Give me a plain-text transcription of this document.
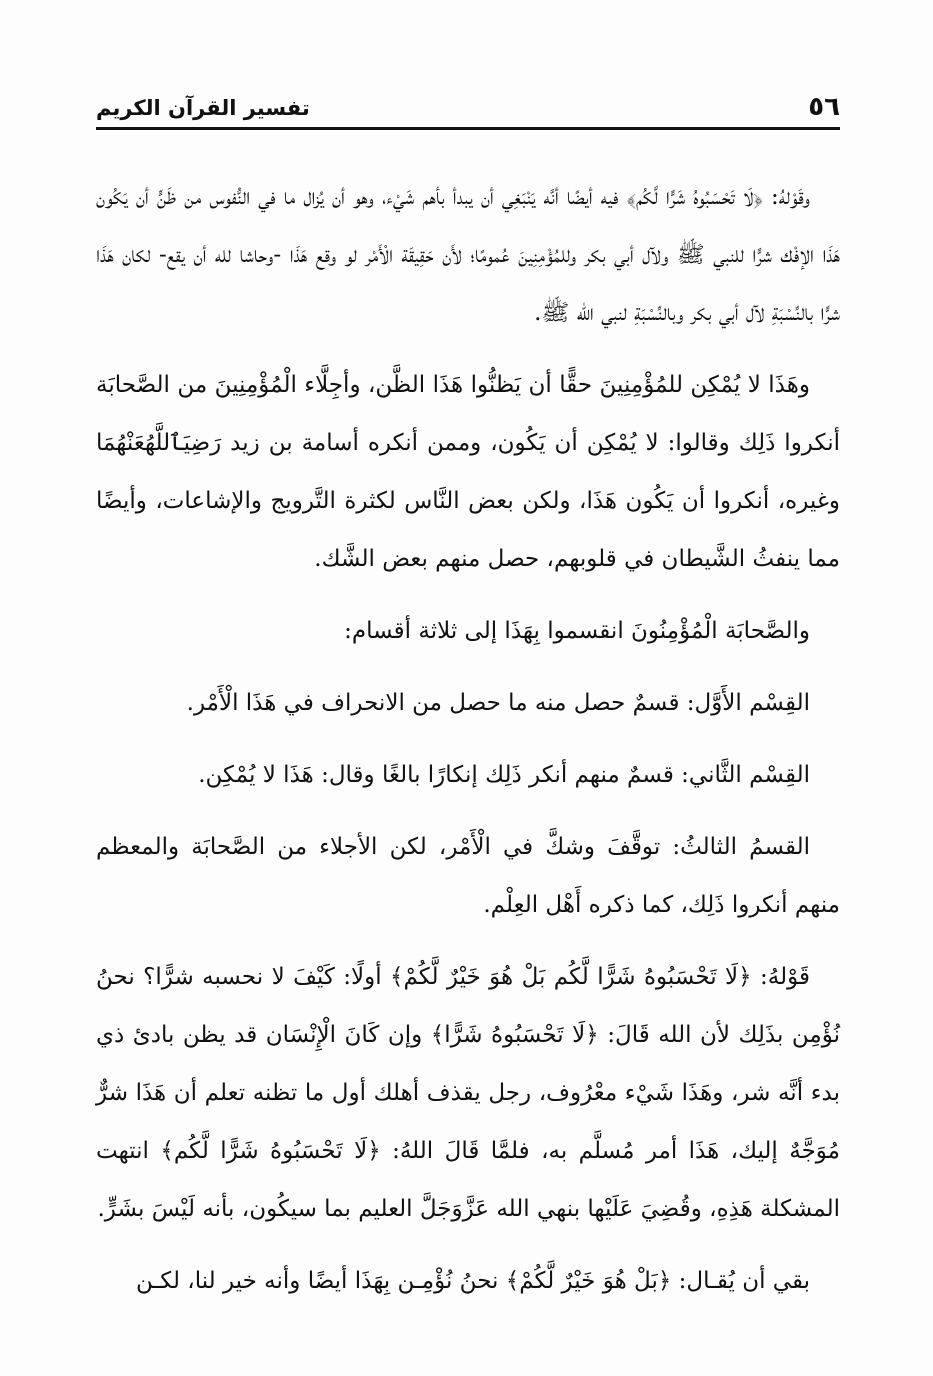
٥٦
تفسير القرآن الكريم

وقَوْلهُ: ﴿لَا تَحْسَبُوهُ شَرًّا لَّكُم﴾ فيه أيضًا أنَّه يَنْبَغِي أن يبدأ بأهم شَيْء، وهو أن يُزال ما في النُّفوس من ظَنٍّ أن يَكُون هَذَا الإفْك شرًّا للنبي ﷺ ولآل أبي بكر وللمُؤْمِنِينَ عُمومًا؛ لأَن حَقِيقَة الْأَمْر لو وقع هَذَا -وحاشا لله أن يقع- لكان هَذَا شرًّا بالنِّسْبَةِ لآل أبي بكر وبالنِّسْبَةِ لنبي الله ﷺ.

وهَذَا لا يُمْكِن للمُؤْمِنِينَ حقًّا أن يَظنُّوا هَذَا الظَّن، وأجِلَّاء الْمُؤْمِنِينَ من الصَّحابَة أنكروا ذَلِك وقالوا: لا يُمْكِن أن يَكُون، وممن أنكره أسامة بن زيد رَضِيَٱللَّهُعَنْهُمَا وغيره، أنكروا أن يَكُون هَذَا، ولكن بعض النَّاس لكثرة التَّرويج والإشاعات، وأيضًا مما ينفثُ الشَّيطان في قلوبهم، حصل منهم بعض الشَّك.

والصَّحابَة الْمُؤْمِنُونَ انقسموا بِهَذَا إلى ثلاثة أقسام:

القِسْم الأَوَّل: قسمٌ حصل منه ما حصل من الانحراف في هَذَا الْأَمْر.

القِسْم الثَّاني: قسمٌ منهم أنكر ذَلِك إنكارًا بالغًا وقال: هَذَا لا يُمْكِن.

القسمُ الثالثُ: توقَّفَ وشكَّ في الْأَمْر، لكن الأجلاء من الصَّحابَة والمعظم منهم أنكروا ذَلِك، كما ذكره أَهْل العِلْم.

قَوْلهُ: ﴿لَا تَحْسَبُوهُ شَرًّا لَّكُم بَلْ هُوَ خَيْرٌ لَّكُمْ﴾ أولًا: كَيْفَ لا نحسبه شرًّا؟ نحنُ نُؤْمِن بذَلِك لأن الله قَالَ: ﴿لَا تَحْسَبُوهُ شَرًّا﴾ وإن كَانَ الْإِنْسَان قد يظن بادئ ذي بدء أنَّه شر، وهَذَا شَيْء معْرُوف، رجل يقذف أهلك أول ما تظنه تعلم أن هَذَا شرٌّ مُوَجَّهٌ إليك، هَذَا أمر مُسلَّم به، فلمَّا قَالَ اللهُ: ﴿لَا تَحْسَبُوهُ شَرًّا لَّكُم﴾ انتهت المشكلة هَذِهِ، وقُضِيَ عَلَيْها بنهي الله عَزَّوَجَلَّ العليم بما سيكُون، بأنه لَيْسَ بشَرٍّ.

بقي أن يُقـال: ﴿بَلْ هُوَ خَيْرٌ لَّكُمْ﴾ نحنُ نُؤْمِـن بِهَذَا أيضًا وأنه خير لنا، لكـن
